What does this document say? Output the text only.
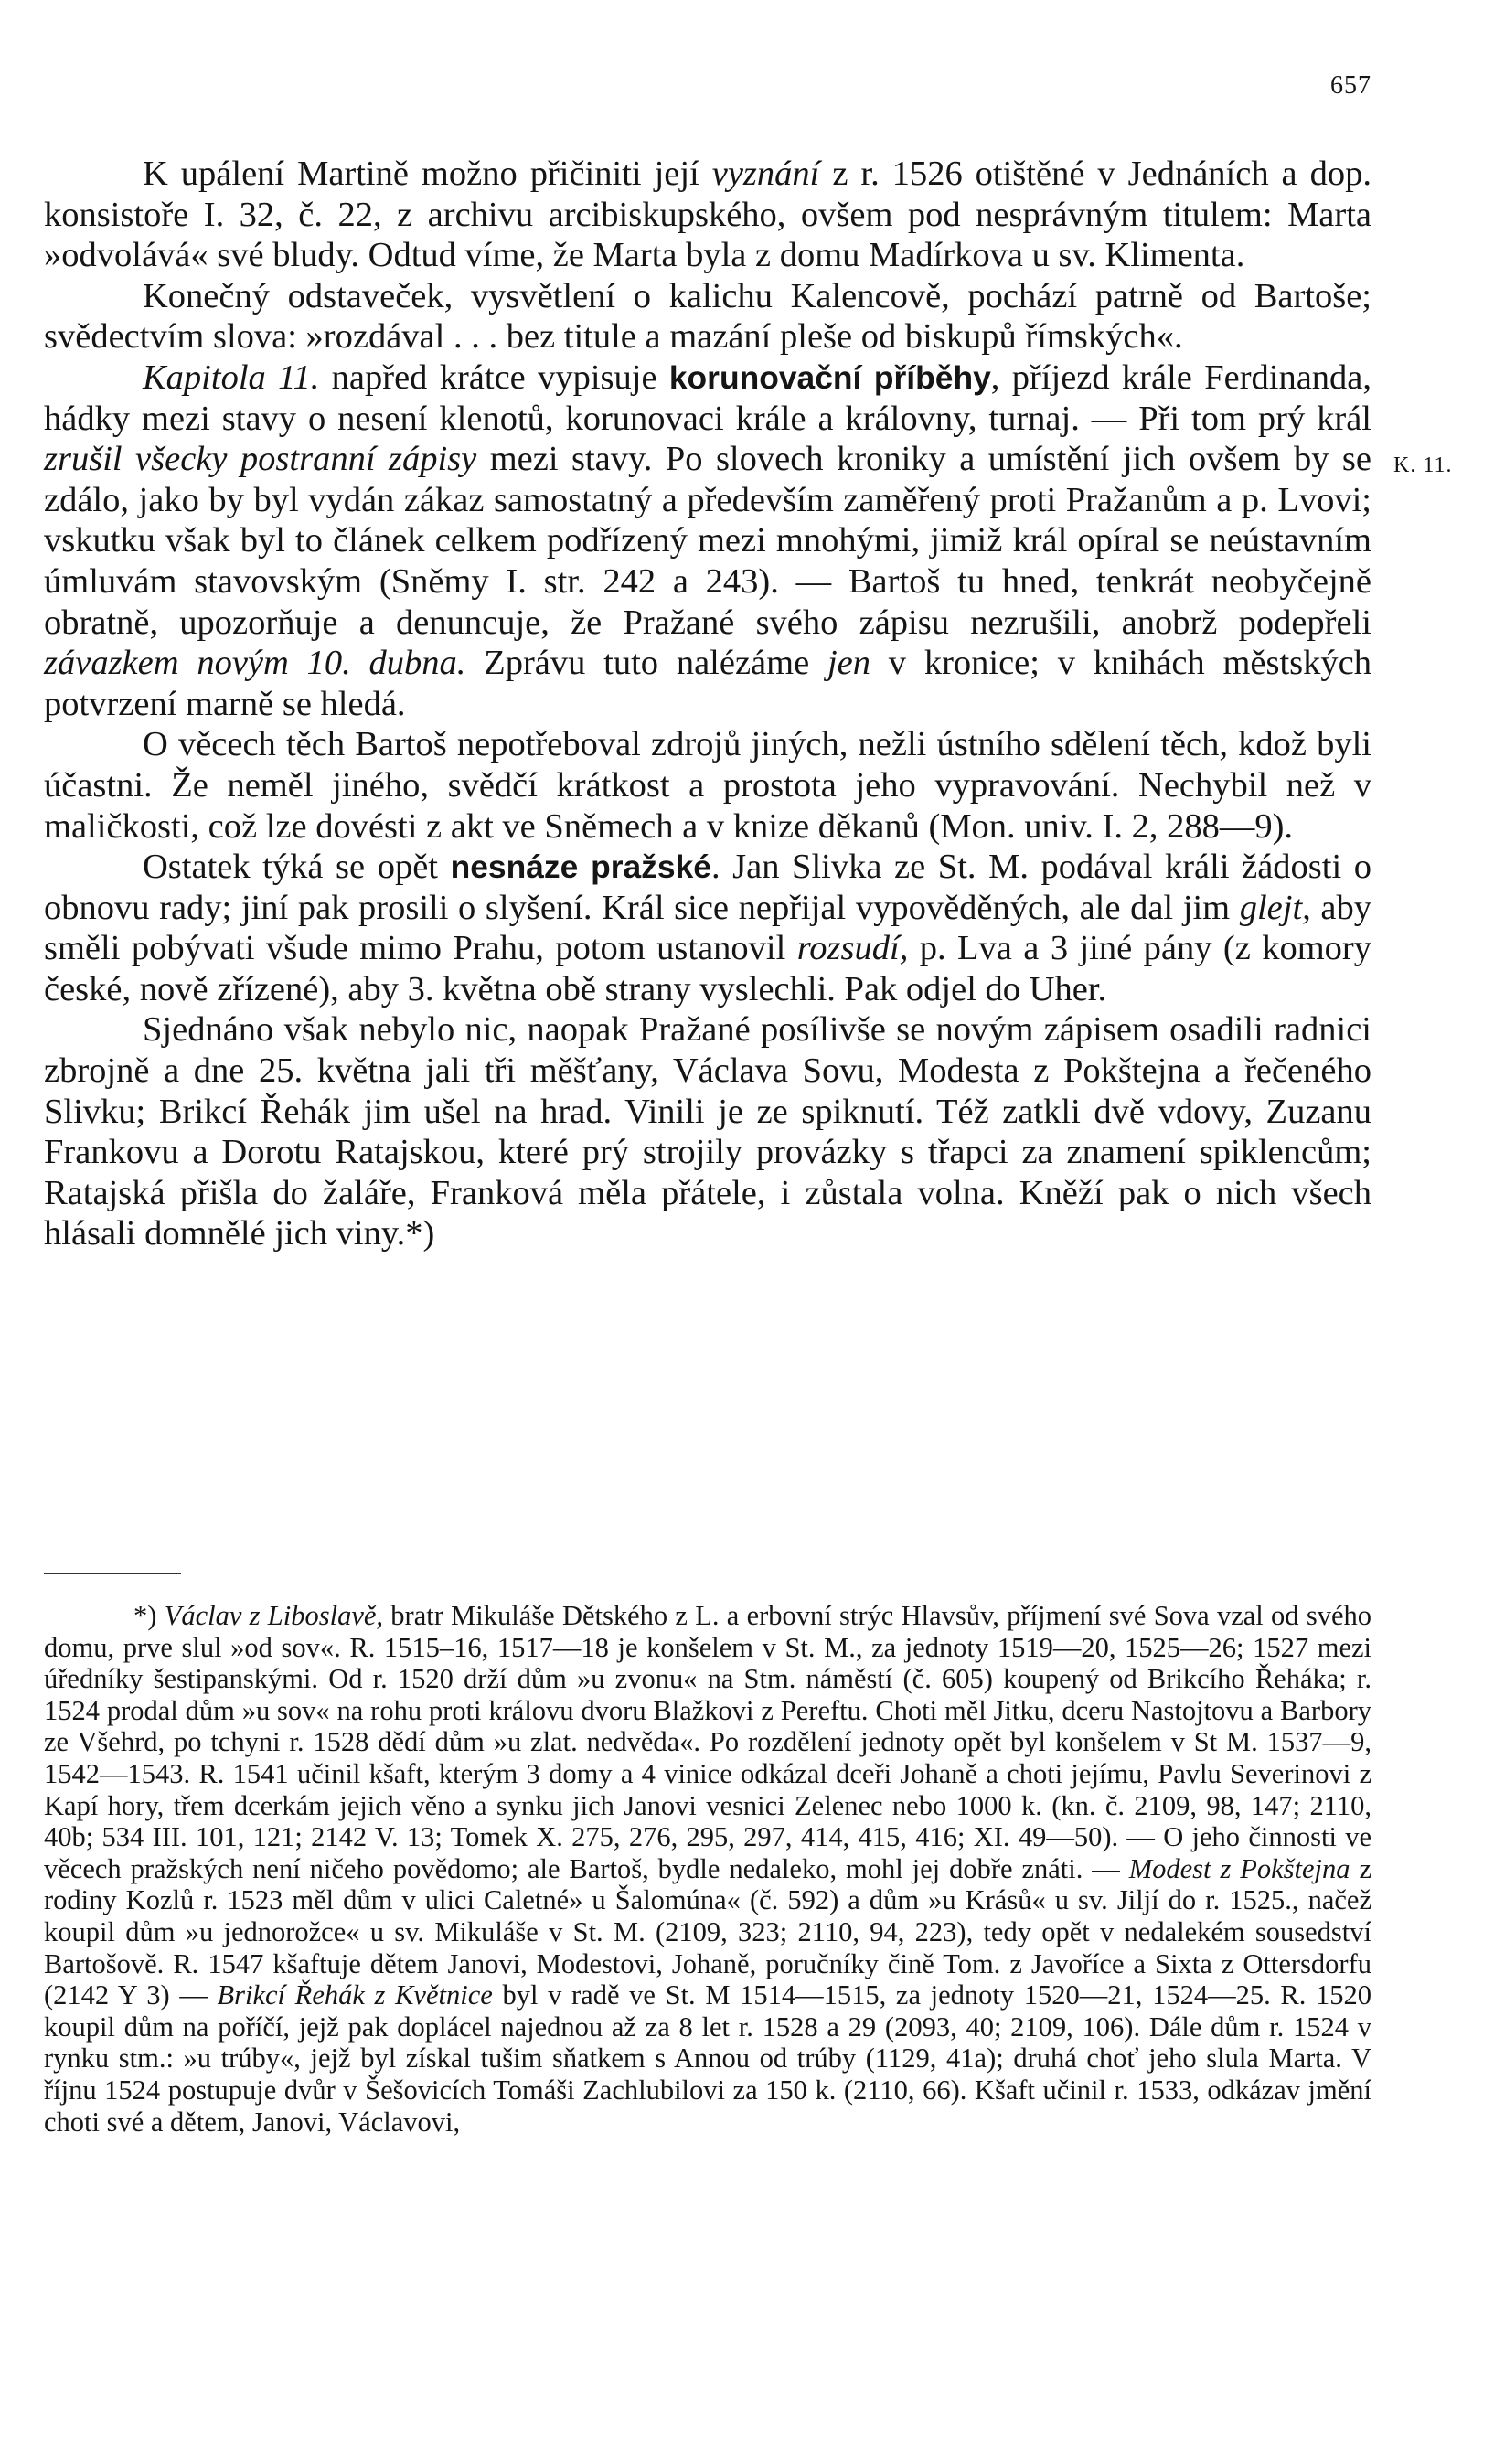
657
K. 11.

K upálení Martině možno přičiniti její vyznání z r. 1526 otištěné v Jednáních a dop. konsistoře I. 32, č. 22, z archivu arcibiskupského, ovšem pod nesprávným titulem: Marta »odvolává« své bludy. Odtud víme, že Marta byla z domu Madírkova u sv. Klimenta.

Konečný odstaveček, vysvětlení o kalichu Kalencově, pochází patrně od Bartoše; svědectvím slova: »rozdával . . . bez titule a mazání pleše od biskupů římských«.

Kapitola 11. napřed krátce vypisuje korunovační příběhy, příjezd krále Ferdinanda, hádky mezi stavy o nesení klenotů, korunovaci krále a královny, turnaj. — Při tom prý král zrušil všecky postranní zápisy mezi stavy. Po slovech kroniky a umístění jich ovšem by se zdálo, jako by byl vydán zákaz samostatný a především zaměřený proti Pražanům a p. Lvovi; vskutku však byl to článek celkem podřízený mezi mnohými, jimiž král opíral se neústavním úmluvám stavovským (Sněmy I. str. 242 a 243). — Bartoš tu hned, tenkrát neobyčejně obratně, upozorňuje a denuncuje, že Pražané svého zápisu nezrušili, anobrž podepřeli závazkem novým 10. dubna. Zprávu tuto nalézáme jen v kronice; v knihách městských potvrzení marně se hledá.

O věcech těch Bartoš nepotřeboval zdrojů jiných, nežli ústního sdělení těch, kdož byli účastni. Že neměl jiného, svědčí krátkost a prostota jeho vypravování. Nechybil než v maličkosti, což lze dovésti z akt ve Sněmech a v knize děkanů (Mon. univ. I. 2, 288—9).

Ostatek týká se opět nesnáze pražské. Jan Slivka ze St. M. podával králi žádosti o obnovu rady; jiní pak prosili o slyšení. Král sice nepřijal vypověděných, ale dal jim glejt, aby směli pobývati všude mimo Prahu, potom ustanovil rozsudí, p. Lva a 3 jiné pány (z komory české, nově zřízené), aby 3. května obě strany vyslechli. Pak odjel do Uher.

Sjednáno však nebylo nic, naopak Pražané posílivše se novým zápisem osadili radnici zbrojně a dne 25. května jali tři měšťany, Václava Sovu, Modesta z Pokštejna a řečeného Slivku; Brikcí Řehák jim ušel na hrad. Vinili je ze spiknutí. Též zatkli dvě vdovy, Zuzanu Frankovu a Dorotu Ratajskou, které prý strojily provázky s třapci za znamení spiklencům; Ratajská přišla do žaláře, Franková měla přátele, i zůstala volna. Kněží pak o nich všech hlásali domnělé jich viny.*)

*) Václav z Liboslavě, bratr Mikuláše Dětského z L. a erbovní strýc Hlavsův, příjmení své Sova vzal od svého domu, prve slul »od sov«. R. 1515–16, 1517—18 je konšelem v St. M., za jednoty 1519—20, 1525—26; 1527 mezi úředníky šestipanskými. Od r. 1520 drží dům »u zvonu« na Stm. náměstí (č. 605) koupený od Brikcího Řeháka; r. 1524 prodal dům »u sov« na rohu proti královu dvoru Blažkovi z Pereftu. Choti měl Jitku, dceru Nastojtovu a Barbory ze Všehrd, po tchyni r. 1528 dědí dům »u zlat. nedvěda«. Po rozdělení jednoty opět byl konšelem v St M. 1537—9, 1542—1543. R. 1541 učinil kšaft, kterým 3 domy a 4 vinice odkázal dceři Johaně a choti jejímu, Pavlu Severinovi z Kapí hory, třem dcerkám jejich věno a synku jich Janovi vesnici Zelenec nebo 1000 k. (kn. č. 2109, 98, 147; 2110, 40b; 534 III. 101, 121; 2142 V. 13; Tomek X. 275, 276, 295, 297, 414, 415, 416; XI. 49—50). — O jeho činnosti ve věcech pražských není ničeho povědomo; ale Bartoš, bydle nedaleko, mohl jej dobře znáti. — Modest z Pokštejna z rodiny Kozlů r. 1523 měl dům v ulici Caletné» u Šalomúna« (č. 592) a dům »u Krásů« u sv. Jiljí do r. 1525., načež koupil dům »u jednorožce« u sv. Mikuláše v St. M. (2109, 323; 2110, 94, 223), tedy opět v nedalekém sousedství Bartošově. R. 1547 kšaftuje dětem Janovi, Modestovi, Johaně, poručníky čině Tom. z Javoříce a Sixta z Ottersdorfu (2142 Y 3) — Brikcí Řehák z Květnice byl v radě ve St. M 1514—1515, za jednoty 1520—21, 1524—25. R. 1520 koupil dům na poříčí, jejž pak doplácel najednou až za 8 let r. 1528 a 29 (2093, 40; 2109, 106). Dále dům r. 1524 v rynku stm.: »u trúby«, jejž byl získal tušim sňatkem s Annou od trúby (1129, 41a); druhá choť jeho slula Marta. V říjnu 1524 postupuje dvůr v Šešovicích Tomáši Zachlubilovi za 150 k. (2110, 66). Kšaft učinil r. 1533, odkázav jmění choti své a dětem, Janovi, Václavovi,
